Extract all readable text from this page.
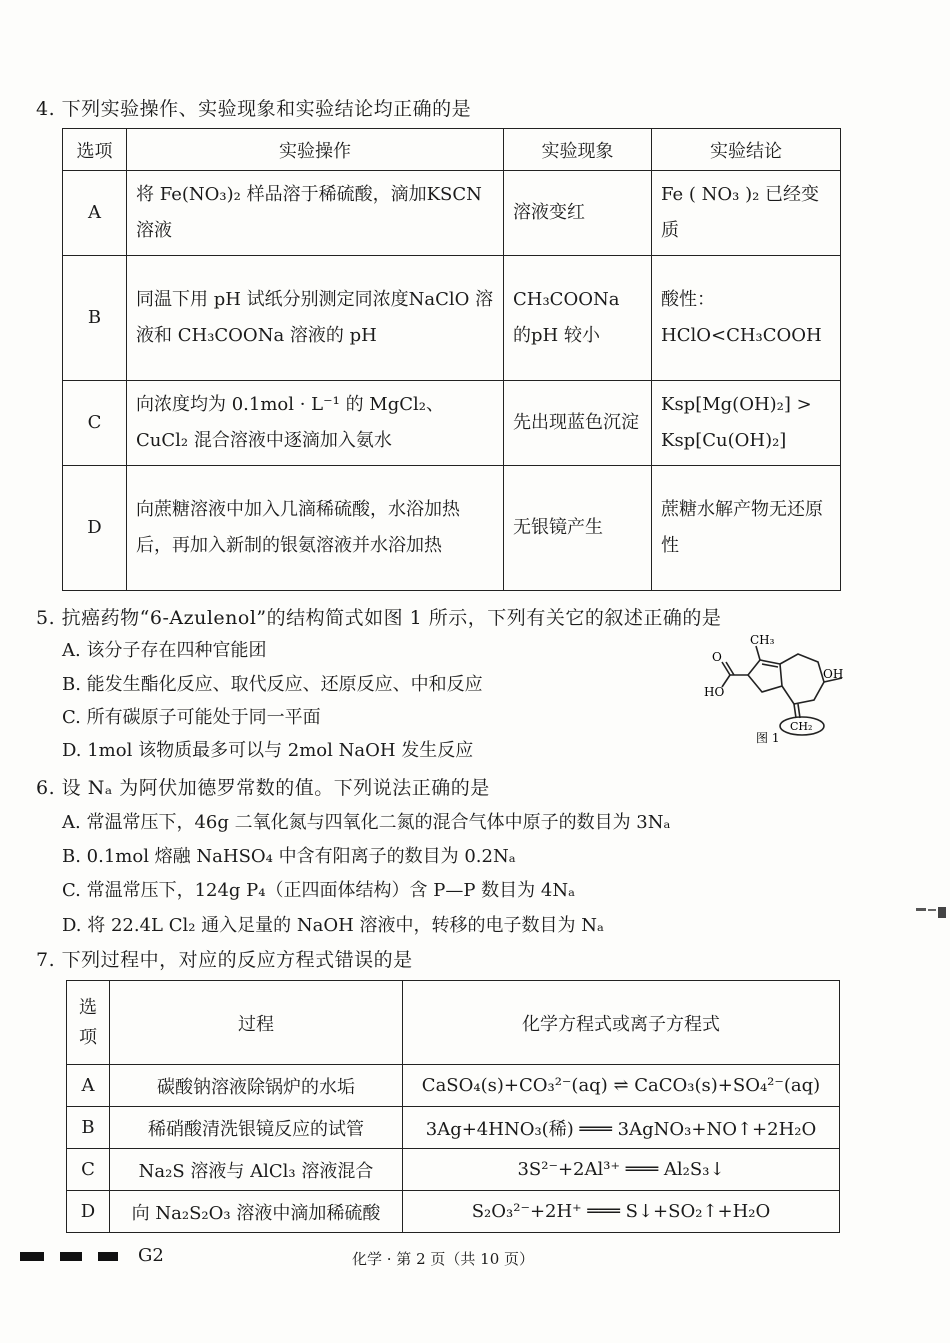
4. 下列实验操作、实验现象和实验结论均正确的是
选项	实验操作	实验现象	实验结论
A	将 Fe(NO₃)₂ 样品溶于稀硫酸，滴加KSCN 溶液	溶液变红	Fe ( NO₃ )₂ 已经变质
B	同温下用 pH 试纸分别测定同浓度NaClO 溶液和 CH₃COONa 溶液的 pH	CH₃COONa 的pH 较小	酸性：HClO<CH₃COOH
C	向浓度均为 0.1mol · L⁻¹ 的 MgCl₂、CuCl₂ 混合溶液中逐滴加入氨水	先出现蓝色沉淀	Ksp[Mg(OH)₂] > Ksp[Cu(OH)₂]
D	向蔗糖溶液中加入几滴稀硫酸，水浴加热后，再加入新制的银氨溶液并水浴加热	无银镜产生	蔗糖水解产物无还原性
5. 抗癌药物“6-Azulenol”的结构简式如图 1 所示，下列有关它的叙述正确的是
A. 该分子存在四种官能团
B. 能发生酯化反应、取代反应、还原反应、中和反应
C. 所有碳原子可能处于同一平面
D. 1mol 该物质最多可以与 2mol NaOH 发生反应
CH₃
O
HO
OH
CH₂
图 1
6. 设 Nₐ 为阿伏加德罗常数的值。下列说法正确的是
A. 常温常压下，46g 二氧化氮与四氧化二氮的混合气体中原子的数目为 3Nₐ
B. 0.1mol 熔融 NaHSO₄ 中含有阳离子的数目为 0.2Nₐ
C. 常温常压下，124g P₄（正四面体结构）含 P—P 数目为 4Nₐ
D. 将 22.4L Cl₂ 通入足量的 NaOH 溶液中，转移的电子数目为 Nₐ
7. 下列过程中，对应的反应方程式错误的是
选项	过程	化学方程式或离子方程式
A	碳酸钠溶液除锅炉的水垢	CaSO₄(s)+CO₃²⁻(aq) ⇌ CaCO₃(s)+SO₄²⁻(aq)
B	稀硝酸清洗银镜反应的试管	3Ag+4HNO₃(稀) ═══ 3AgNO₃+NO↑+2H₂O
C	Na₂S 溶液与 AlCl₃ 溶液混合	3S²⁻+2Al³⁺ ═══ Al₂S₃↓
D	向 Na₂S₂O₃ 溶液中滴加稀硫酸	S₂O₃²⁻+2H⁺ ═══ S↓+SO₂↑+H₂O
G2	化学 · 第 2 页（共 10 页）
